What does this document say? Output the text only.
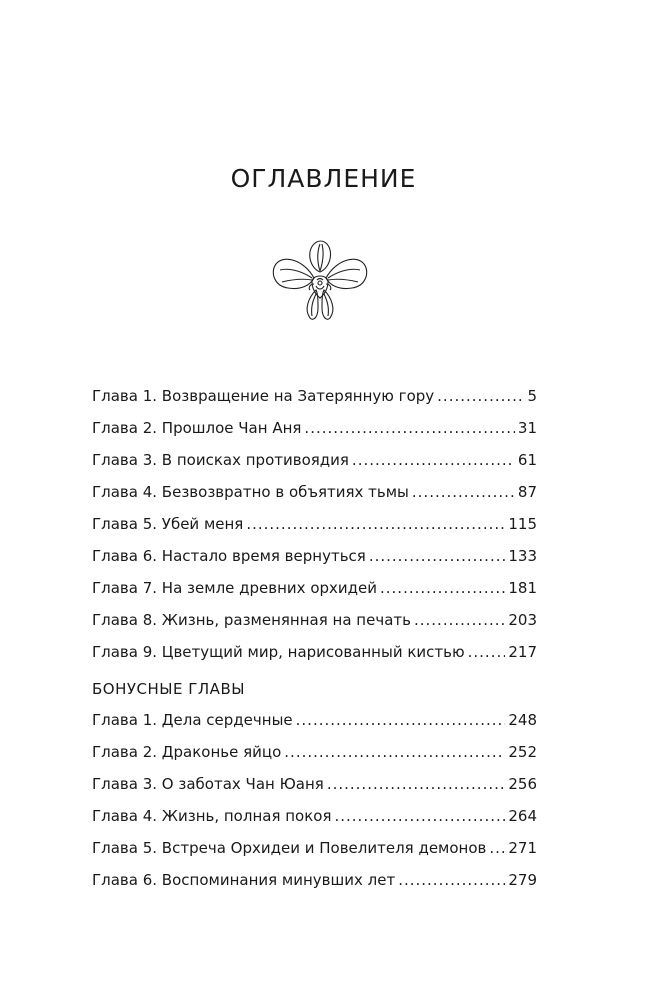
ОГЛАВЛЕНИЕ
Глава 1. Возвращение на Затерянную гору .....	5
Глава 2. Прошлое Чан Аня .....	31
Глава 3. В поисках противоядия .....	61
Глава 4. Безвозвратно в объятиях тьмы .....	87
Глава 5. Убей меня .....	115
Глава 6. Настало время вернуться .....	133
Глава 7. На земле древних орхидей .....	181
Глава 8. Жизнь, разменянная на печать .....	203
Глава 9. Цветущий мир, нарисованный кистью .....	217
БОНУСНЫЕ ГЛАВЫ
Глава 1. Дела сердечные .....	248
Глава 2. Драконье яйцо .....	252
Глава 3. О заботах Чан Юаня .....	256
Глава 4. Жизнь, полная покоя .....	264
Глава 5. Встреча Орхидеи и Повелителя демонов ..... 271
Глава 6. Воспоминания минувших лет .....	279
